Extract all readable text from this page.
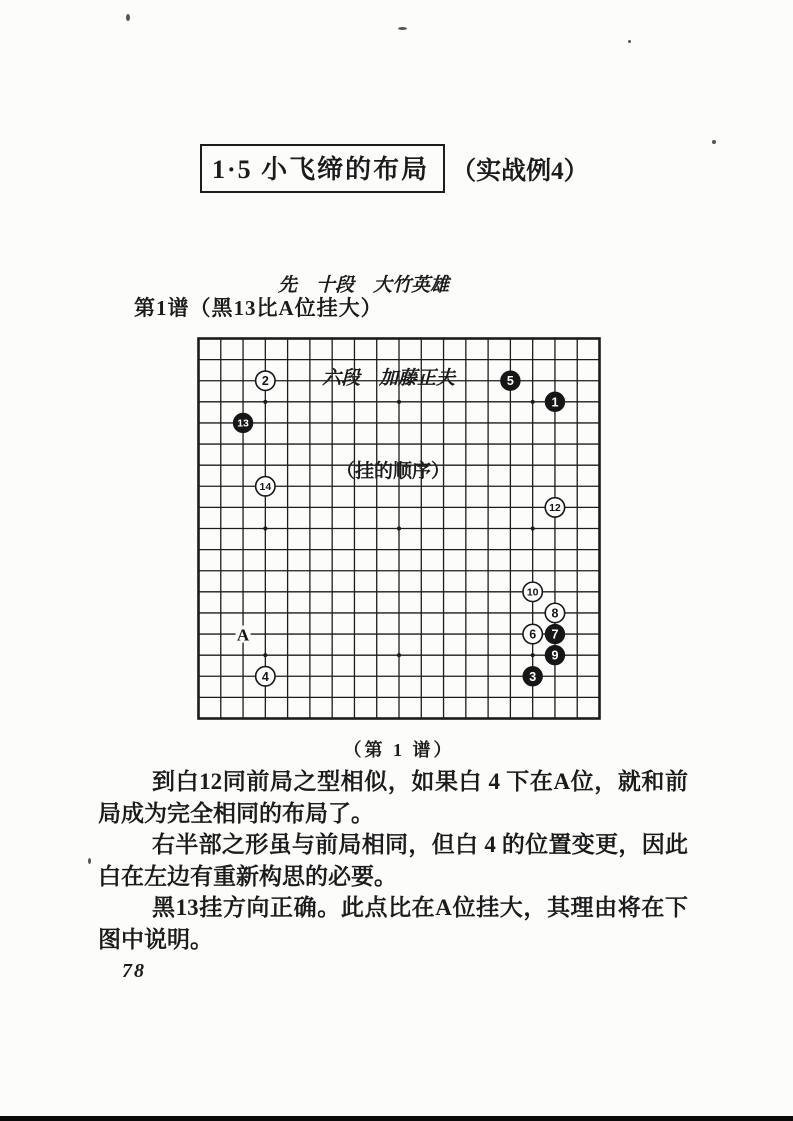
1·5 小飞缔的布局 （实战例4）

先　十段　大竹英雄

六段　加藤正夫

（挂的顺序）

第1谱（黑13比A位挂大）
1
2
3
4
5
6 7
8
9
10
12
13
14
A
（第 1 谱）

到白12同前局之型相似，如果白 4 下在A位，就和前局成为完全相同的布局了。

右半部之形虽与前局相同，但白 4 的位置变更，因此白在左边有重新构思的必要。

黑13挂方向正确。此点比在A位挂大，其理由将在下图中说明。

78
